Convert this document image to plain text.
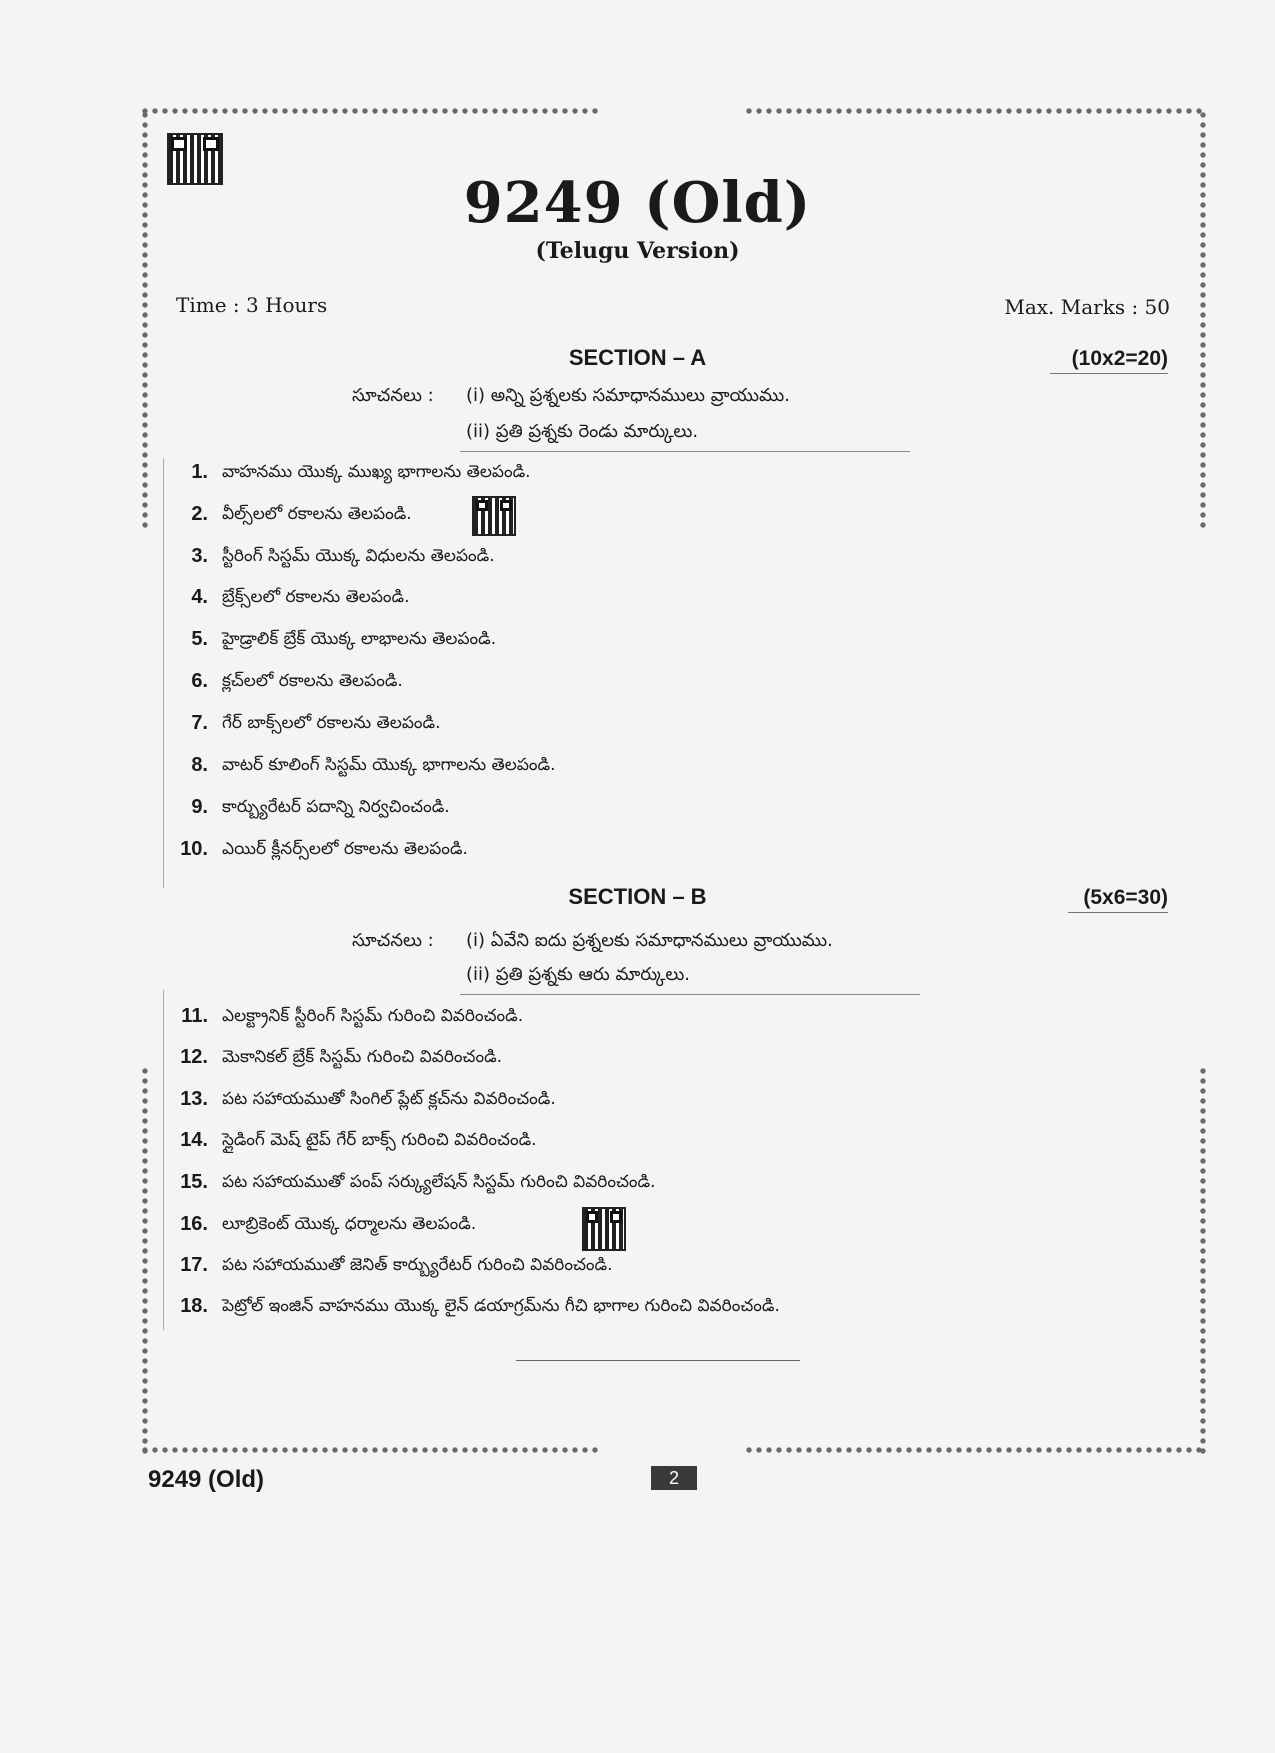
9249 (Old)
(Telugu Version)
Time : 3 Hours	Max. Marks : 50
SECTION – A	(10x2=20)
సూచనలు : (i) అన్ని ప్రశ్నలకు సమాధానములు వ్రాయుము.
(ii) ప్రతి ప్రశ్నకు రెండు మార్కులు.
1. వాహనము యొక్క ముఖ్య భాగాలను తెలపండి.
2. వీల్స్‌లలో రకాలను తెలపండి.
3. స్టీరింగ్ సిస్టమ్ యొక్క విధులను తెలపండి.
4. బ్రేక్స్‌లలో రకాలను తెలపండి.
5. హైడ్రాలిక్ బ్రేక్ యొక్క లాభాలను తెలపండి.
6. క్లచ్‌లలో రకాలను తెలపండి.
7. గేర్ బాక్స్‌లలో రకాలను తెలపండి.
8. వాటర్ కూలింగ్ సిస్టమ్ యొక్క భాగాలను తెలపండి.
9. కార్బ్యురేటర్ పదాన్ని నిర్వచించండి.
10. ఎయిర్ క్లీనర్స్‌లలో రకాలను తెలపండి.
SECTION – B	(5x6=30)
సూచనలు : (i) ఏవేని ఐదు ప్రశ్నలకు సమాధానములు వ్రాయుము.
(ii) ప్రతి ప్రశ్నకు ఆరు మార్కులు.
11. ఎలక్ట్రానిక్ స్టీరింగ్ సిస్టమ్ గురించి వివరించండి.
12. మెకానికల్ బ్రేక్ సిస్టమ్ గురించి వివరించండి.
13. పట సహాయముతో సింగిల్ ప్లేట్ క్లచ్‌ను వివరించండి.
14. స్లైడింగ్ మెష్ టైప్ గేర్ బాక్స్ గురించి వివరించండి.
15. పట సహాయముతో పంప్ సర్క్యులేషన్ సిస్టమ్ గురించి వివరించండి.
16. లూబ్రికెంట్ యొక్క ధర్మాలను తెలపండి.
17. పట సహాయముతో జెనిత్ కార్బ్యురేటర్ గురించి వివరించండి.
18. పెట్రోల్ ఇంజిన్ వాహనము యొక్క లైన్ డయాగ్రమ్‌ను గీచి భాగాల గురించి వివరించండి.
9249 (Old)	2
